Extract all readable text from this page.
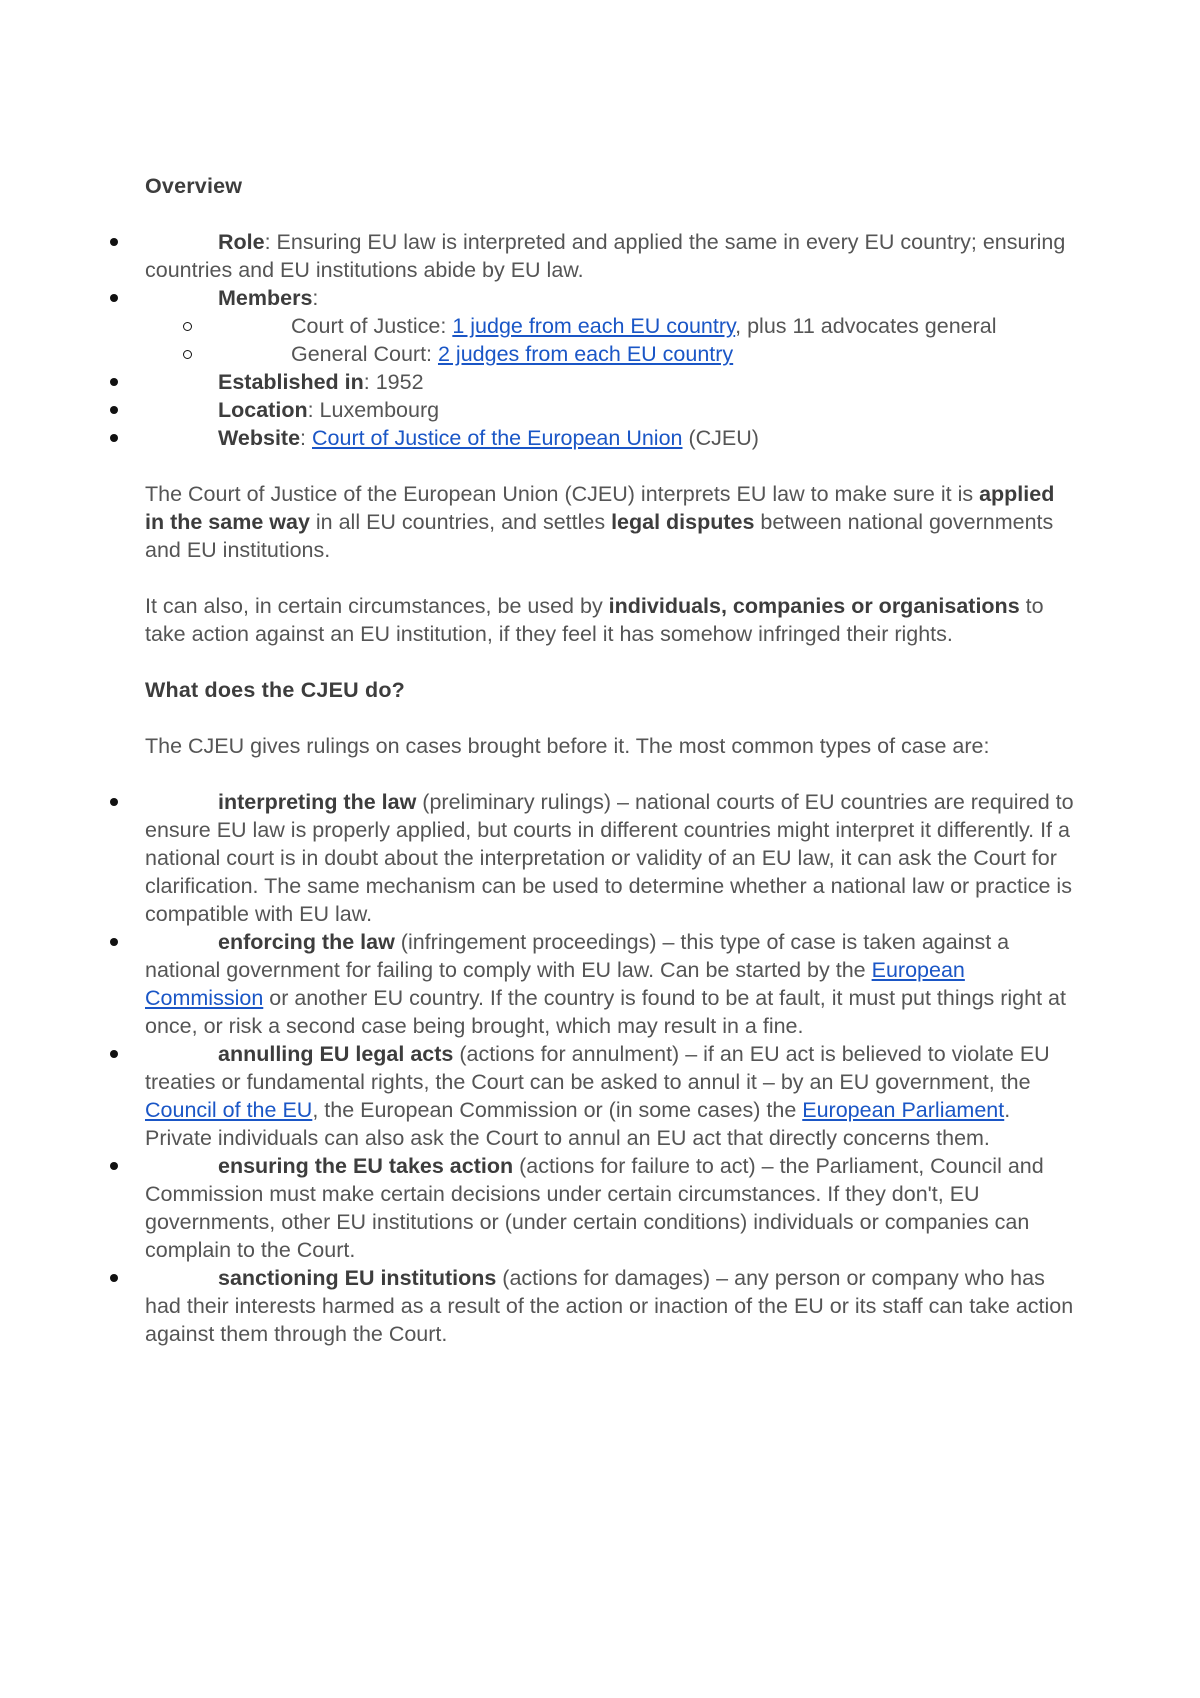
Overview
Role: Ensuring EU law is interpreted and applied the same in every EU country; ensuring countries and EU institutions abide by EU law.
Members:
Court of Justice: 1 judge from each EU country, plus 11 advocates general
General Court: 2 judges from each EU country
Established in: 1952
Location: Luxembourg
Website: Court of Justice of the European Union (CJEU)

The Court of Justice of the European Union (CJEU) interprets EU law to make sure it is applied in the same way in all EU countries, and settles legal disputes between national governments and EU institutions.

It can also, in certain circumstances, be used by individuals, companies or organisations to take action against an EU institution, if they feel it has somehow infringed their rights.

What does the CJEU do?

The CJEU gives rulings on cases brought before it. The most common types of case are:

interpreting the law (preliminary rulings) – national courts of EU countries are required to ensure EU law is properly applied, but courts in different countries might interpret it differently. If a national court is in doubt about the interpretation or validity of an EU law, it can ask the Court for clarification. The same mechanism can be used to determine whether a national law or practice is compatible with EU law.
enforcing the law (infringement proceedings) – this type of case is taken against a national government for failing to comply with EU law. Can be started by the European Commission or another EU country. If the country is found to be at fault, it must put things right at once, or risk a second case being brought, which may result in a fine.
annulling EU legal acts (actions for annulment) – if an EU act is believed to violate EU treaties or fundamental rights, the Court can be asked to annul it – by an EU government, the Council of the EU, the European Commission or (in some cases) the European Parliament.
Private individuals can also ask the Court to annul an EU act that directly concerns them.
ensuring the EU takes action (actions for failure to act) – the Parliament, Council and Commission must make certain decisions under certain circumstances. If they don't, EU governments, other EU institutions or (under certain conditions) individuals or companies can complain to the Court.
sanctioning EU institutions (actions for damages) – any person or company who has had their interests harmed as a result of the action or inaction of the EU or its staff can take action against them through the Court.
